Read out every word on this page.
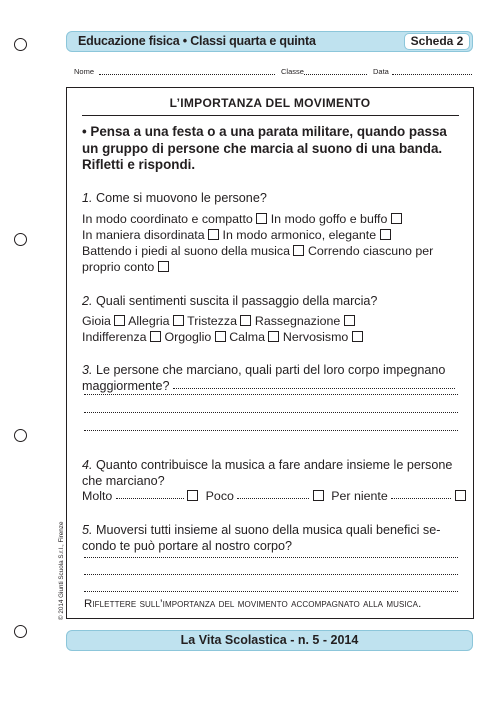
Educazione fisica • Classi quarta e quinta	Scheda 2
Nome	Classe	Data
L’IMPORTANZA DEL MOVIMENTO
• Pensa a una festa o a una parata militare, quando passa un gruppo di persone che marcia al suono di una banda. Rifletti e rispondi.
1. Come si muovono le persone?
In modo coordinato e compatto In modo goffo e buffo
In maniera disordinata In modo armonico, elegante
Battendo i piedi al suono della musica Correndo ciascuno per
proprio conto
2. Quali sentimenti suscita il passaggio della marcia?
Gioia Allegria Tristezza Rassegnazione
Indifferenza Orgoglio Calma Nervosismo
3. Le persone che marciano, quali parti del loro corpo impegnano
maggiormente?
4. Quanto contribuisce la musica a fare andare insieme le persone
che marciano?
Molto	Poco	Per niente
5. Muoversi tutti insieme al suono della musica quali benefici se-
condo te può portare al nostro corpo?
Riflettere sull’importanza del movimento accompagnato alla musica.
© 2014 Giunti Scuola S.r.l., Firenze
La Vita Scolastica - n. 5 - 2014
